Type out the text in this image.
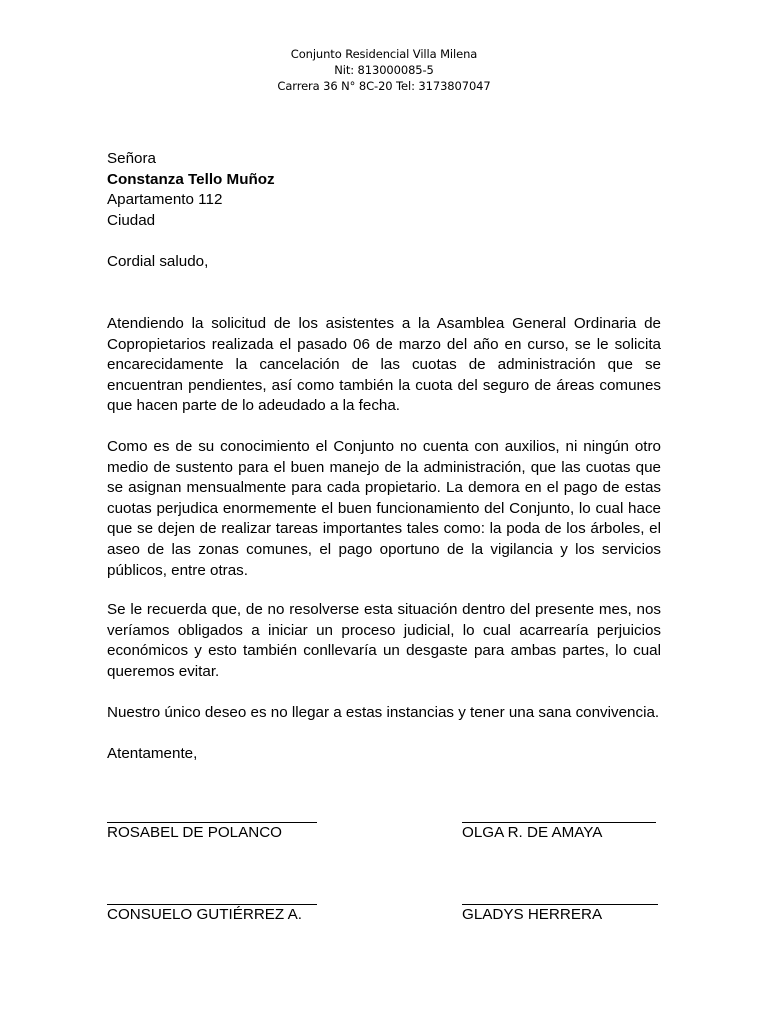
Conjunto Residencial Villa Milena
Nit: 813000085-5
Carrera 36 N° 8C-20 Tel: 3173807047
Señora
Constanza Tello Muñoz
Apartamento 112
Ciudad
Cordial saludo,

Atendiendo la solicitud de los asistentes a la Asamblea General Ordinaria de Copropietarios realizada el pasado 06 de marzo del año en curso, se le solicita encarecidamente la cancelación de las cuotas de administración que se encuentran pendientes, así como también la cuota del seguro de áreas comunes que hacen parte de lo adeudado a la fecha.

Como es de su conocimiento el Conjunto no cuenta con auxilios, ni ningún otro medio de sustento para el buen manejo de la administración, que las cuotas que se asignan mensualmente para cada propietario. La demora en el pago de estas cuotas perjudica enormemente el buen funcionamiento del Conjunto, lo cual hace que se dejen de realizar tareas importantes tales como: la poda de los árboles, el aseo de las zonas comunes, el pago oportuno de la vigilancia y los servicios públicos, entre otras.

Se le recuerda que, de no resolverse esta situación dentro del presente mes, nos veríamos obligados a iniciar un proceso judicial, lo cual acarrearía perjuicios económicos y esto también conllevaría un desgaste para ambas partes, lo cual queremos evitar.

Nuestro único deseo es no llegar a estas instancias y tener una sana convivencia.

Atentamente,
ROSABEL DE POLANCO	OLGA R. DE AMAYA
CONSUELO GUTIÉRREZ A.	GLADYS HERRERA
